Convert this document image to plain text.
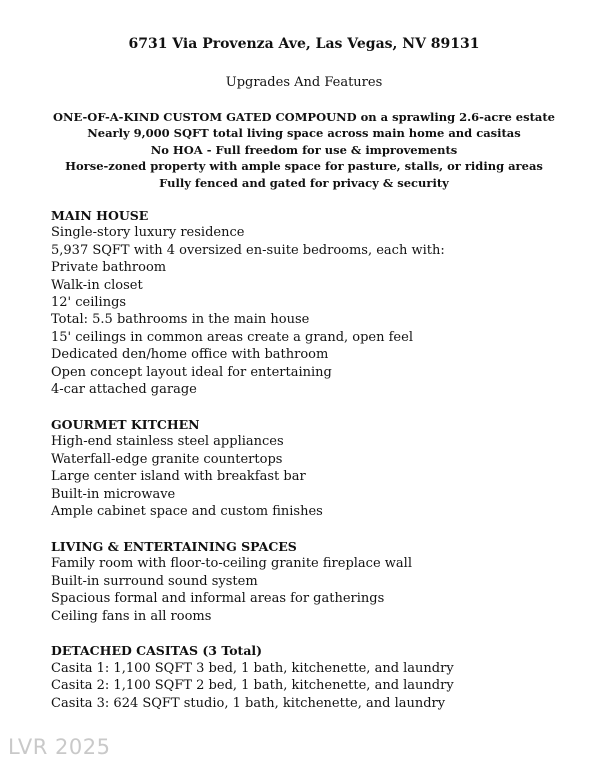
6731 Via Provenza Ave, Las Vegas, NV 89131
Upgrades And Features
ONE-OF-A-KIND CUSTOM GATED COMPOUND on a sprawling 2.6-acre estate
Nearly 9,000 SQFT total living space across main home and casitas
No HOA - Full freedom for use & improvements
Horse-zoned property with ample space for pasture, stalls, or riding areas
Fully fenced and gated for privacy & security
MAIN HOUSE
Single-story luxury residence
5,937 SQFT with 4 oversized en-suite bedrooms, each with:
Private bathroom
Walk-in closet
12' ceilings
Total: 5.5 bathrooms in the main house
15' ceilings in common areas create a grand, open feel
Dedicated den/home office with bathroom
Open concept layout ideal for entertaining
4-car attached garage
GOURMET KITCHEN
High-end stainless steel appliances
Waterfall-edge granite countertops
Large center island with breakfast bar
Built-in microwave
Ample cabinet space and custom finishes
LIVING & ENTERTAINING SPACES
Family room with floor-to-ceiling granite fireplace wall
Built-in surround sound system
Spacious formal and informal areas for gatherings
Ceiling fans in all rooms
DETACHED CASITAS (3 Total)
Casita 1: 1,100 SQFT 3 bed, 1 bath, kitchenette, and laundry
Casita 2: 1,100 SQFT 2 bed, 1 bath, kitchenette, and laundry
Casita 3: 624 SQFT studio, 1 bath, kitchenette, and laundry
LVR 2025
